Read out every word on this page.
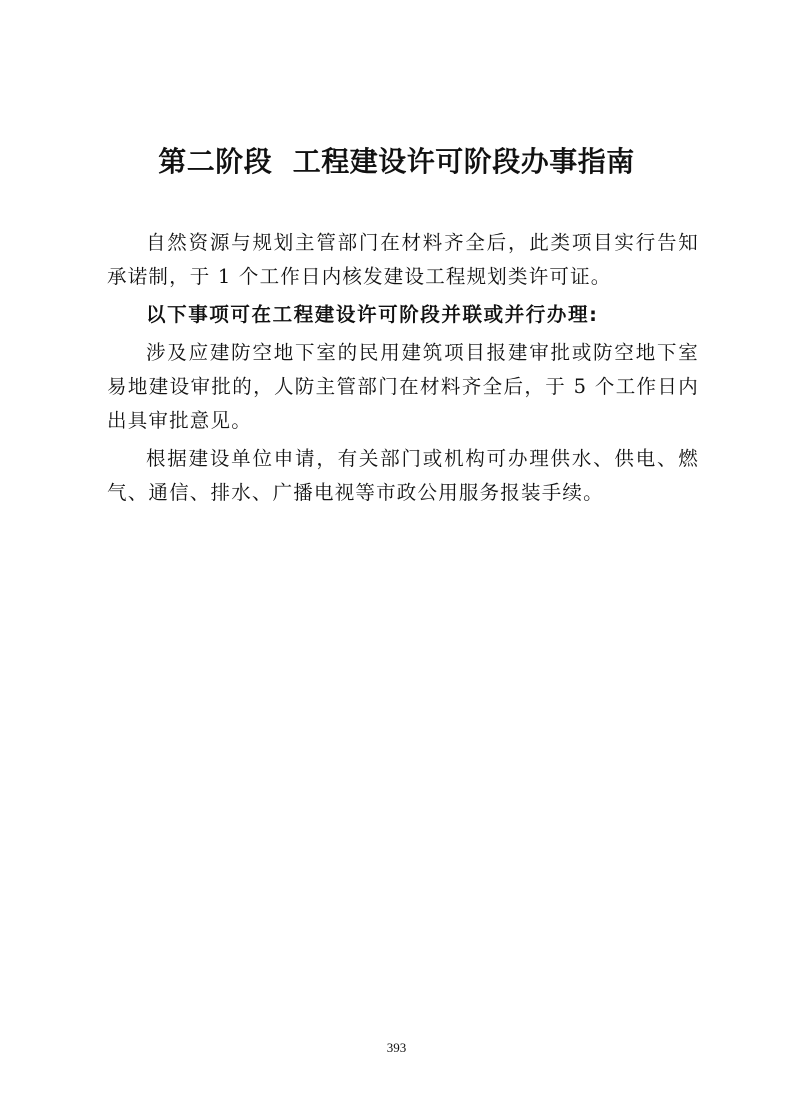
第二阶段  工程建设许可阶段办事指南

自然资源与规划主管部门在材料齐全后，此类项目实行告知承诺制，于 1 个工作日内核发建设工程规划类许可证。

以下事项可在工程建设许可阶段并联或并行办理:

涉及应建防空地下室的民用建筑项目报建审批或防空地下室易地建设审批的，人防主管部门在材料齐全后，于 5 个工作日内出具审批意见。

根据建设单位申请，有关部门或机构可办理供水、供电、燃气、通信、排水、广播电视等市政公用服务报装手续。

393
